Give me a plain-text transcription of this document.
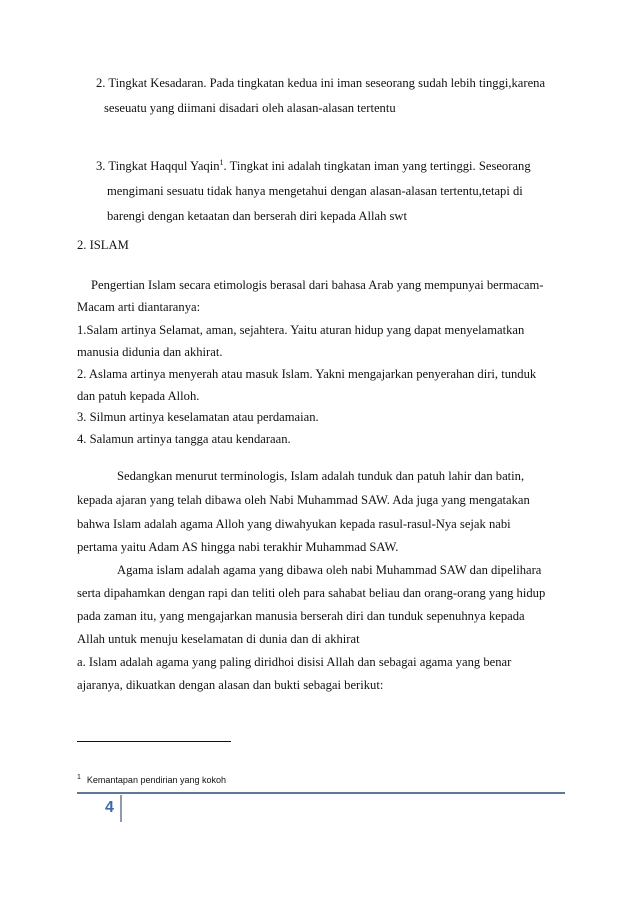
2. Tingkat Kesadaran. Pada tingkatan kedua ini iman seseorang sudah lebih tinggi,karena
seseuatu yang diimani disadari oleh alasan-alasan tertentu
3. Tingkat Haqqul Yaqin$^1$. Tingkat ini adalah tingkatan iman yang tertinggi. Seseorang
mengimani sesuatu tidak hanya mengetahui dengan alasan-alasan tertentu,tetapi di
barengi dengan ketaatan dan berserah diri kepada Allah swt
2. ISLAM
Pengertian Islam secara etimologis berasal dari bahasa Arab yang mempunyai bermacam-
Macam arti diantaranya:
1.Salam artinya Selamat, aman, sejahtera. Yaitu aturan hidup yang dapat menyelamatkan
manusia didunia dan akhirat.
2. Aslama artinya menyerah atau masuk Islam. Yakni mengajarkan penyerahan diri, tunduk
dan patuh kepada Alloh.
3. Silmun artinya keselamatan atau perdamaian.
4. Salamun artinya tangga atau kendaraan.
Sedangkan menurut terminologis, Islam adalah tunduk dan patuh lahir dan batin,
kepada ajaran yang telah dibawa oleh Nabi Muhammad SAW. Ada juga yang mengatakan
bahwa Islam adalah agama Alloh yang diwahyukan kepada rasul-rasul-Nya sejak nabi
pertama yaitu Adam AS hingga nabi terakhir Muhammad SAW.
Agama islam adalah agama yang dibawa oleh nabi Muhammad SAW dan dipelihara
serta dipahamkan dengan rapi dan teliti oleh para sahabat beliau dan orang-orang yang hidup
pada zaman itu, yang mengajarkan manusia berserah diri dan tunduk sepenuhnya kepada
Allah untuk menuju keselamatan di dunia dan di akhirat
a. Islam adalah agama yang paling diridhoi disisi Allah dan sebagai agama yang benar
ajaranya, dikuatkan dengan alasan dan bukti sebagai berikut:
$^1$ Kemantapan pendirian yang kokoh
4
